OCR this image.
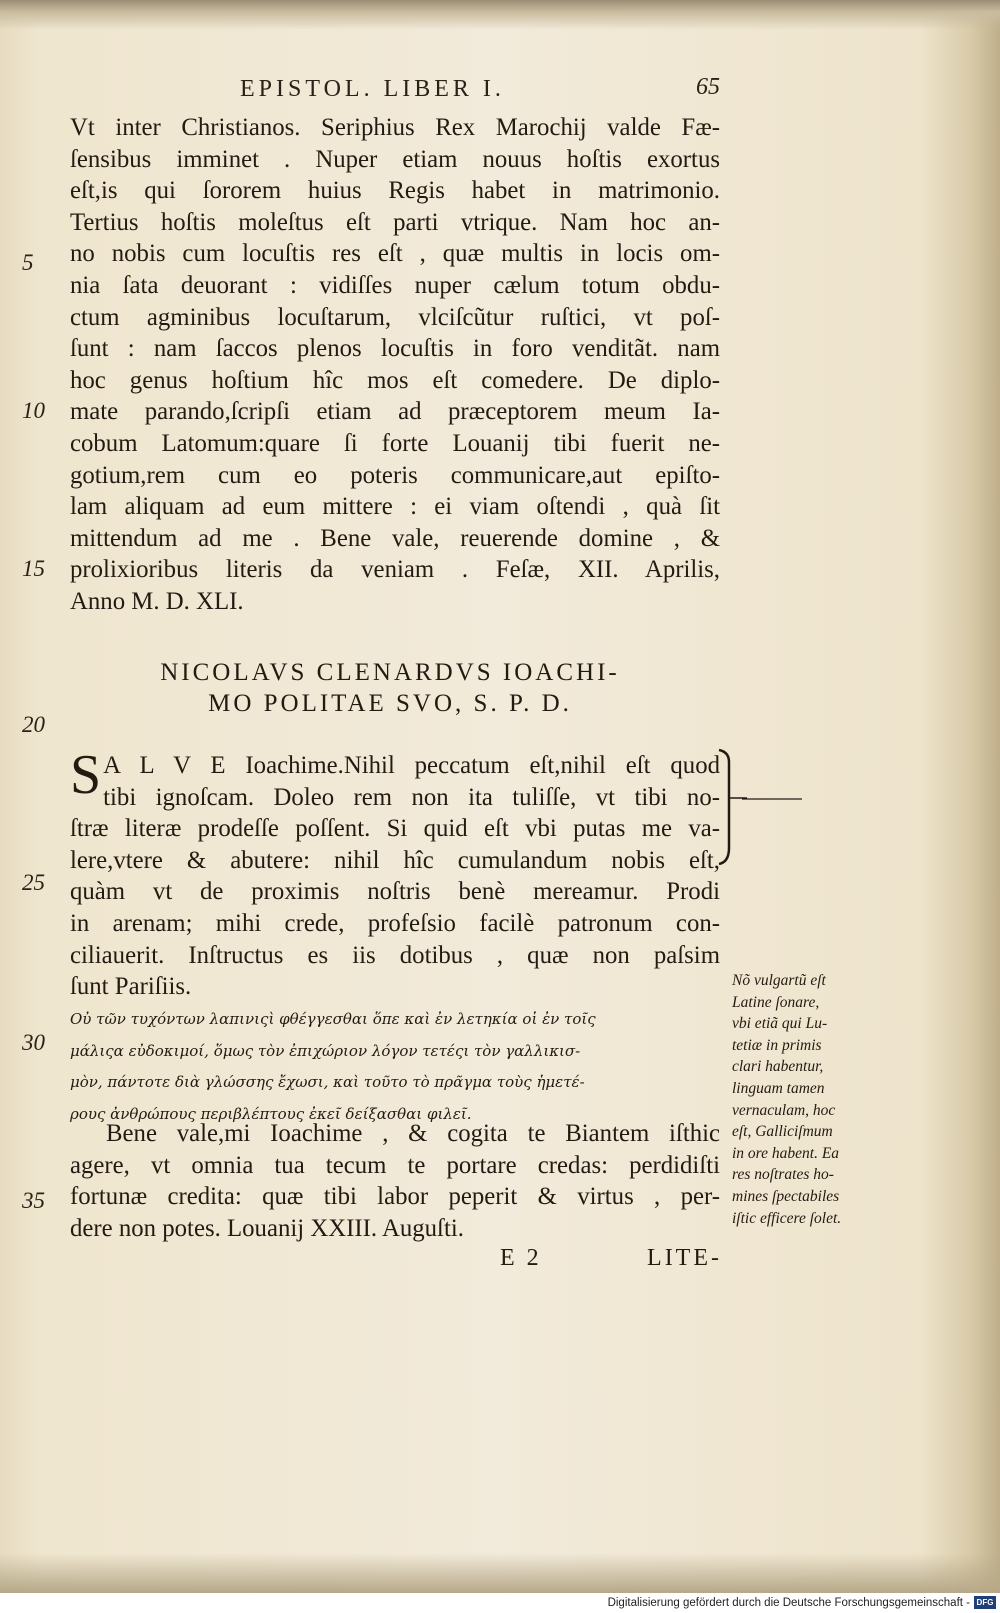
EPISTOL. LIBER I.	65
Vt inter Christianos. Seriphius Rex Marochij valde Fæ-
ſensibus imminet . Nuper etiam nouus hoſtis exortus
eſt,is qui ſororem huius Regis habet in matrimonio.
Tertius hoſtis moleſtus eſt parti vtrique. Nam hoc an-
no nobis cum locuſtis res eſt , quæ multis in locis om-
nia ſata deuorant : vidiſſes nuper cælum totum obdu-
ctum agminibus locuſtarum, vlciſcũtur ruſtici, vt poſ-
ſunt : nam ſaccos plenos locuſtis in foro venditãt. nam
hoc genus hoſtium hîc mos eſt comedere. De diplo-
mate parando,ſcripſi etiam ad præceptorem meum Ia-
cobum Latomum:quare ſi forte Louanij tibi fuerit ne-
gotium,rem cum eo poteris communicare,aut epiſto-
lam aliquam ad eum mittere : ei viam oſtendi , quà ſit
mittendum ad me . Bene vale, reuerende domine , &
prolixioribus literis da veniam . Feſæ, XII. Aprilis,
Anno M. D. XLI.
NICOLAVS CLENARDVS IOACHI-
MO POLITAE SVO, S. P. D.
S A L V E Ioachime.Nihil peccatum eſt,nihil eſt quod
tibi ignoſcam. Doleo rem non ita tuliſſe, vt tibi no-
ſtræ literæ prodeſſe poſſent. Si quid eſt vbi putas me va-
lere,vtere & abutere: nihil hîc cumulandum nobis eſt,
quàm vt de proximis noſtris benè mereamur. Prodi
in arenam; mihi crede, profeſsio facilè patronum con-
ciliauerit. Inſtructus es iis dotibus , quæ non paſsim
ſunt Pariſiis.
Οὐ τῶν τυχόντων λαπινιςὶ φθέγγεσθαι ὅπε καὶ ἐν λετηκία οἱ ἐν τοῖς
μάλιςα εὐδοκιμοί, ὅμως τὸν ἐπιχώριον λόγον τετέςι τὸν γαλλικισ-
μὸν, πάντοτε διὰ γλώσσης ἔχωσι, καὶ τοῦτο τὸ πρᾶγμα τοὺς ἡμετέ-
ρους ἀνθρώπους περιβλέπτους ἐκεῖ δείξασθαι φιλεῖ.
Bene vale,mi Ioachime , & cogita te Biantem iſthic
agere, vt omnia tua tecum te portare credas: perdidiſti
fortunæ credita: quæ tibi labor peperit & virtus , per-
dere non potes. Louanij XXIII. Auguſti.
E 2	LITE-
Nõ vulgartũ eſt
Latine ſonare,
vbi etiã qui Lu-
tetiæ in primis
clari habentur,
linguam tamen
vernaculam, hoc
eſt, Galliciſmum
in ore habent. Ea
res noſtrates ho-
mines ſpectabiles
iſtic efficere ſolet.
5
10
15
20
25
30
35
Digitalisierung gefördert durch die Deutsche Forschungsgemeinschaft - DFG
